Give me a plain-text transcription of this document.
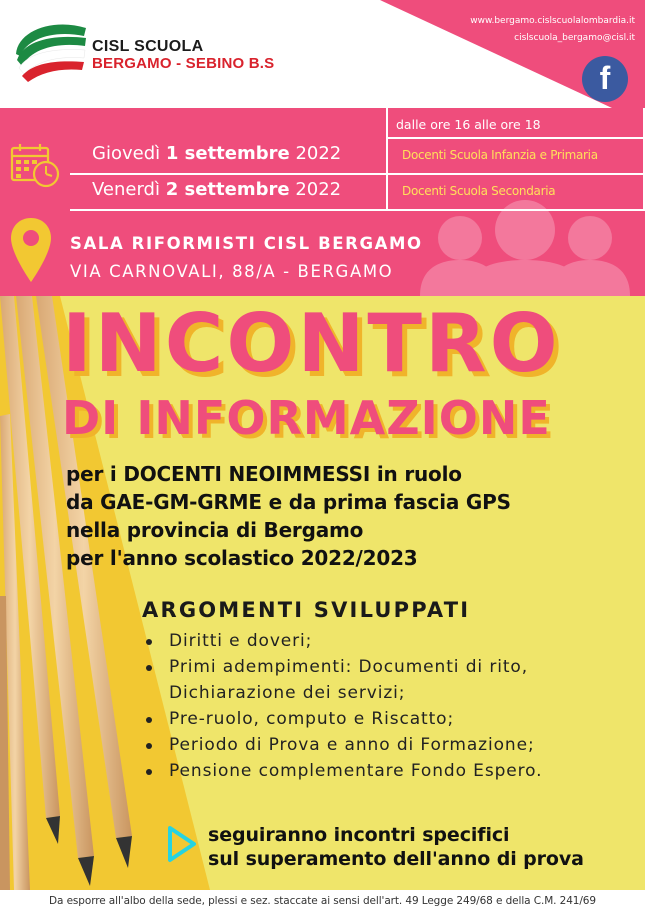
CISL SCUOLA
BERGAMO - SEBINO B.S
www.bergamo.cislscuolalombardia.it
cislscuola_bergamo@cisl.it
f
dalle ore 16 alle ore 18
Giovedì 1 settembre 2022
Venerdì 2 settembre 2022
Docenti Scuola Infanzia e Primaria
Docenti Scuola Secondaria
SALA RIFORMISTI CISL BERGAMO
VIA CARNOVALI, 88/A - BERGAMO
INCONTRO
DI INFORMAZIONE
per i DOCENTI NEOIMMESSI in ruolo
da GAE-GM-GRME e da prima fascia GPS
nella provincia di Bergamo
per l'anno scolastico 2022/2023
ARGOMENTI SVILUPPATI
Diritti e doveri;
Primi adempimenti: Documenti di rito,
Dichiarazione dei servizi;
Pre-ruolo, computo e Riscatto;
Periodo di Prova e anno di Formazione;
Pensione complementare Fondo Espero.
seguiranno incontri specifici
sul superamento dell'anno di prova
Da esporre all'albo della sede, plessi e sez. staccate ai sensi dell'art. 49 Legge 249/68 e della C.M. 241/69
